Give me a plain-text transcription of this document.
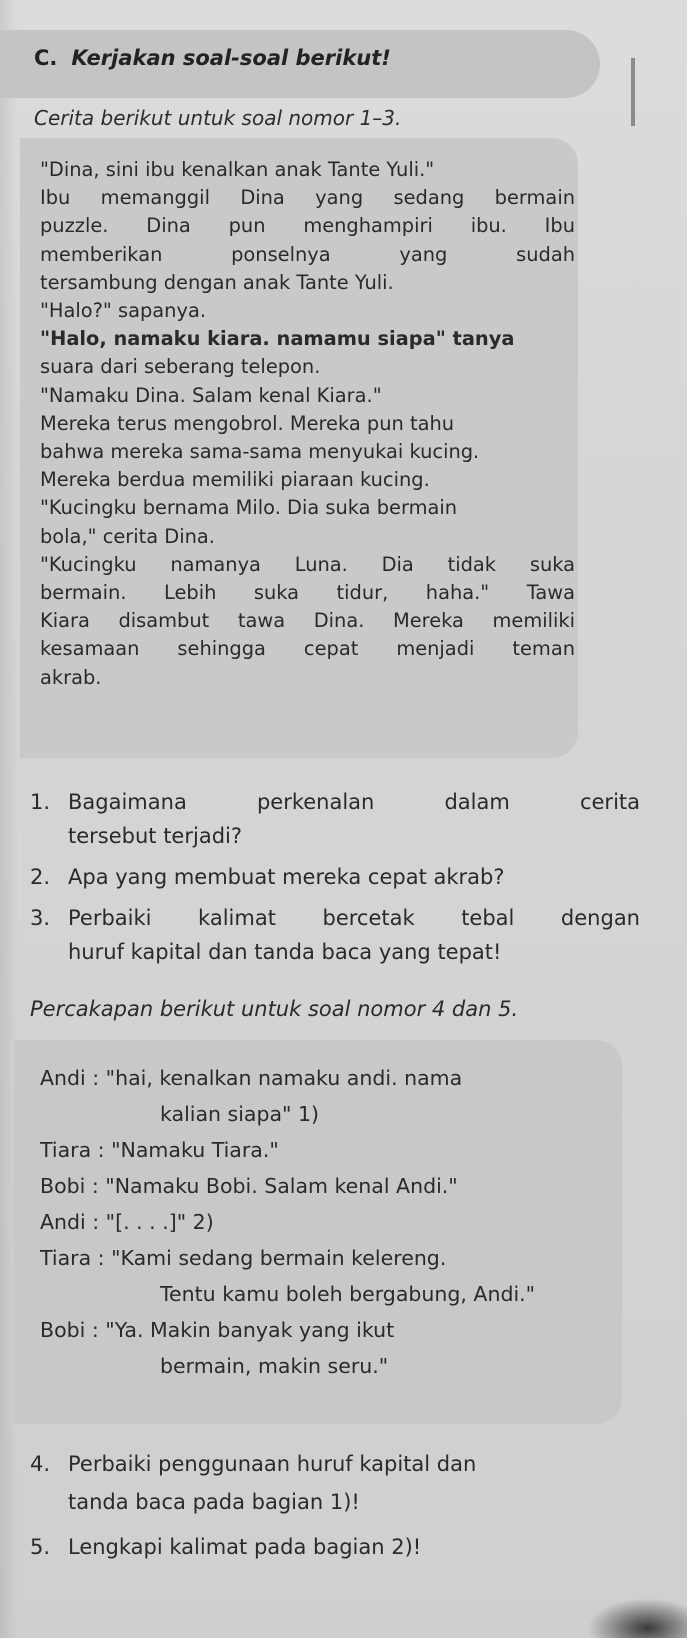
C. Kerjakan soal-soal berikut!
Cerita berikut untuk soal nomor 1–3.

"Dina, sini ibu kenalkan anak Tante Yuli."

Ibu memanggil Dina yang sedang bermain

puzzle. Dina pun menghampiri ibu. Ibu

memberikan ponselnya yang sudah

tersambung dengan anak Tante Yuli.

"Halo?" sapanya.

"Halo, namaku kiara. namamu siapa" tanya

suara dari seberang telepon.

"Namaku Dina. Salam kenal Kiara."

Mereka terus mengobrol. Mereka pun tahu

bahwa mereka sama-sama menyukai kucing.

Mereka berdua memiliki piaraan kucing.

"Kucingku bernama Milo. Dia suka bermain

bola," cerita Dina.

"Kucingku namanya Luna. Dia tidak suka

bermain. Lebih suka tidur, haha." Tawa

Kiara disambut tawa Dina. Mereka memiliki

kesamaan sehingga cepat menjadi teman

akrab.

1. Bagaimana perkenalan dalam cerita
tersebut terjadi?
2. Apa yang membuat mereka cepat akrab?
3. Perbaiki kalimat bercetak tebal dengan
huruf kapital dan tanda baca yang tepat!
Percakapan berikut untuk soal nomor 4 dan 5.
Andi : "hai, kenalkan namaku andi. nama
kalian siapa" 1)
Tiara : "Namaku Tiara."
Bobi : "Namaku Bobi. Salam kenal Andi."
Andi : "[. . . .]" 2)
Tiara : "Kami sedang bermain kelereng.
Tentu kamu boleh bergabung, Andi."
Bobi : "Ya. Makin banyak yang ikut
bermain, makin seru."
4. Perbaiki penggunaan huruf kapital dan
tanda baca pada bagian 1)!
5. Lengkapi kalimat pada bagian 2)!
